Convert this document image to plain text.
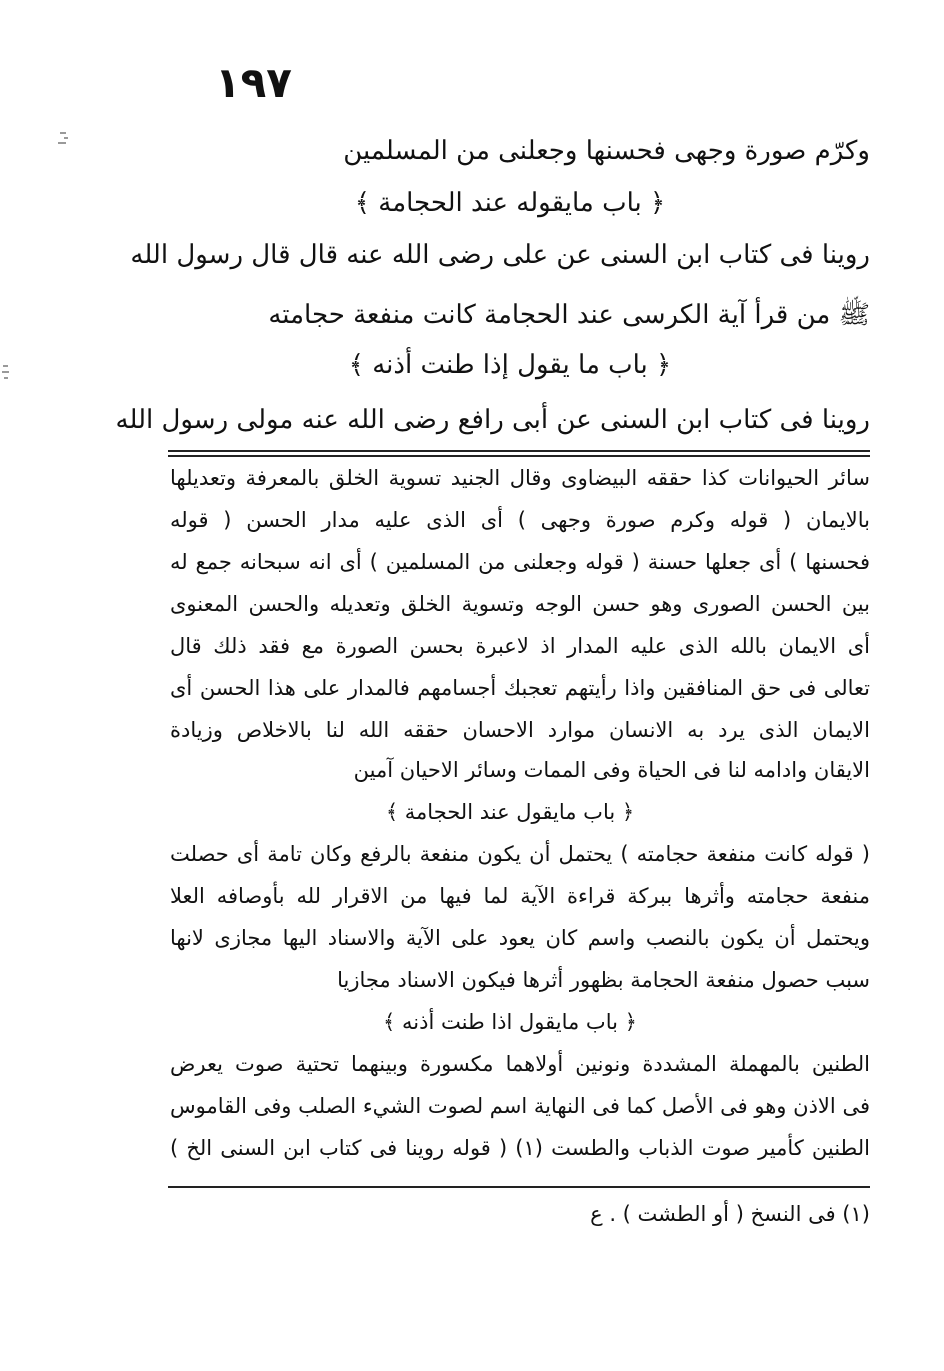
١٩٧
وكرّم صورة وجهى فحسنها وجعلنى من المسلمين
﴿ باب مايقوله عند الحجامة ﴾
روينا فى كتاب ابن السنى عن على رضى الله عنه قال قال رسول الله
ﷺ من قرأ آية الكرسى عند الحجامة كانت منفعة حجامته
﴿ باب ما يقول إذا طنت أذنه ﴾
روينا فى كتاب ابن السنى عن أبى رافع رضى الله عنه مولى رسول الله
سائر الحيوانات كذا حققه البيضاوى وقال الجنيد تسوية الخلق بالمعرفة وتعديلها
بالايمان ( قوله وكرم صورة وجهى ) أى الذى عليه مدار الحسن ( قوله
فحسنها ) أى جعلها حسنة ( قوله وجعلنى من المسلمين ) أى انه سبحانه جمع له
بين الحسن الصورى وهو حسن الوجه وتسوية الخلق وتعديله والحسن المعنوى
أى الايمان بالله الذى عليه المدار اذ لاعبرة بحسن الصورة مع فقد ذلك قال
تعالى فى حق المنافقين واذا رأيتهم تعجبك أجسامهم فالمدار على هذا الحسن أى
الايمان الذى يرد به الانسان موارد الاحسان حققه الله لنا بالاخلاص وزيادة
الايقان وادامه لنا فى الحياة وفى الممات وسائر الاحيان آمين
﴿ باب مايقول عند الحجامة ﴾
( قوله كانت منفعة حجامته ) يحتمل أن يكون منفعة بالرفع وكان تامة أى حصلت
منفعة حجامته وأثرها ببركة قراءة الآية لما فيها من الاقرار لله بأوصافه العلا
ويحتمل أن يكون بالنصب واسم كان يعود على الآية والاسناد اليها مجازى لانها
سبب حصول منفعة الحجامة بظهور أثرها فيكون الاسناد مجازيا
﴿ باب مايقول اذا طنت أذنه ﴾
الطنين بالمهملة المشددة ونونين أولاهما مكسورة وبينهما تحتية صوت يعرض
فى الاذن وهو فى الأصل كما فى النهاية اسم لصوت الشيء الصلب وفى القاموس
الطنين كأمير صوت الذباب والطست (١) ( قوله روينا فى كتاب ابن السنى الخ )
(١) فى النسخ ( أو الطشت ) . ع
